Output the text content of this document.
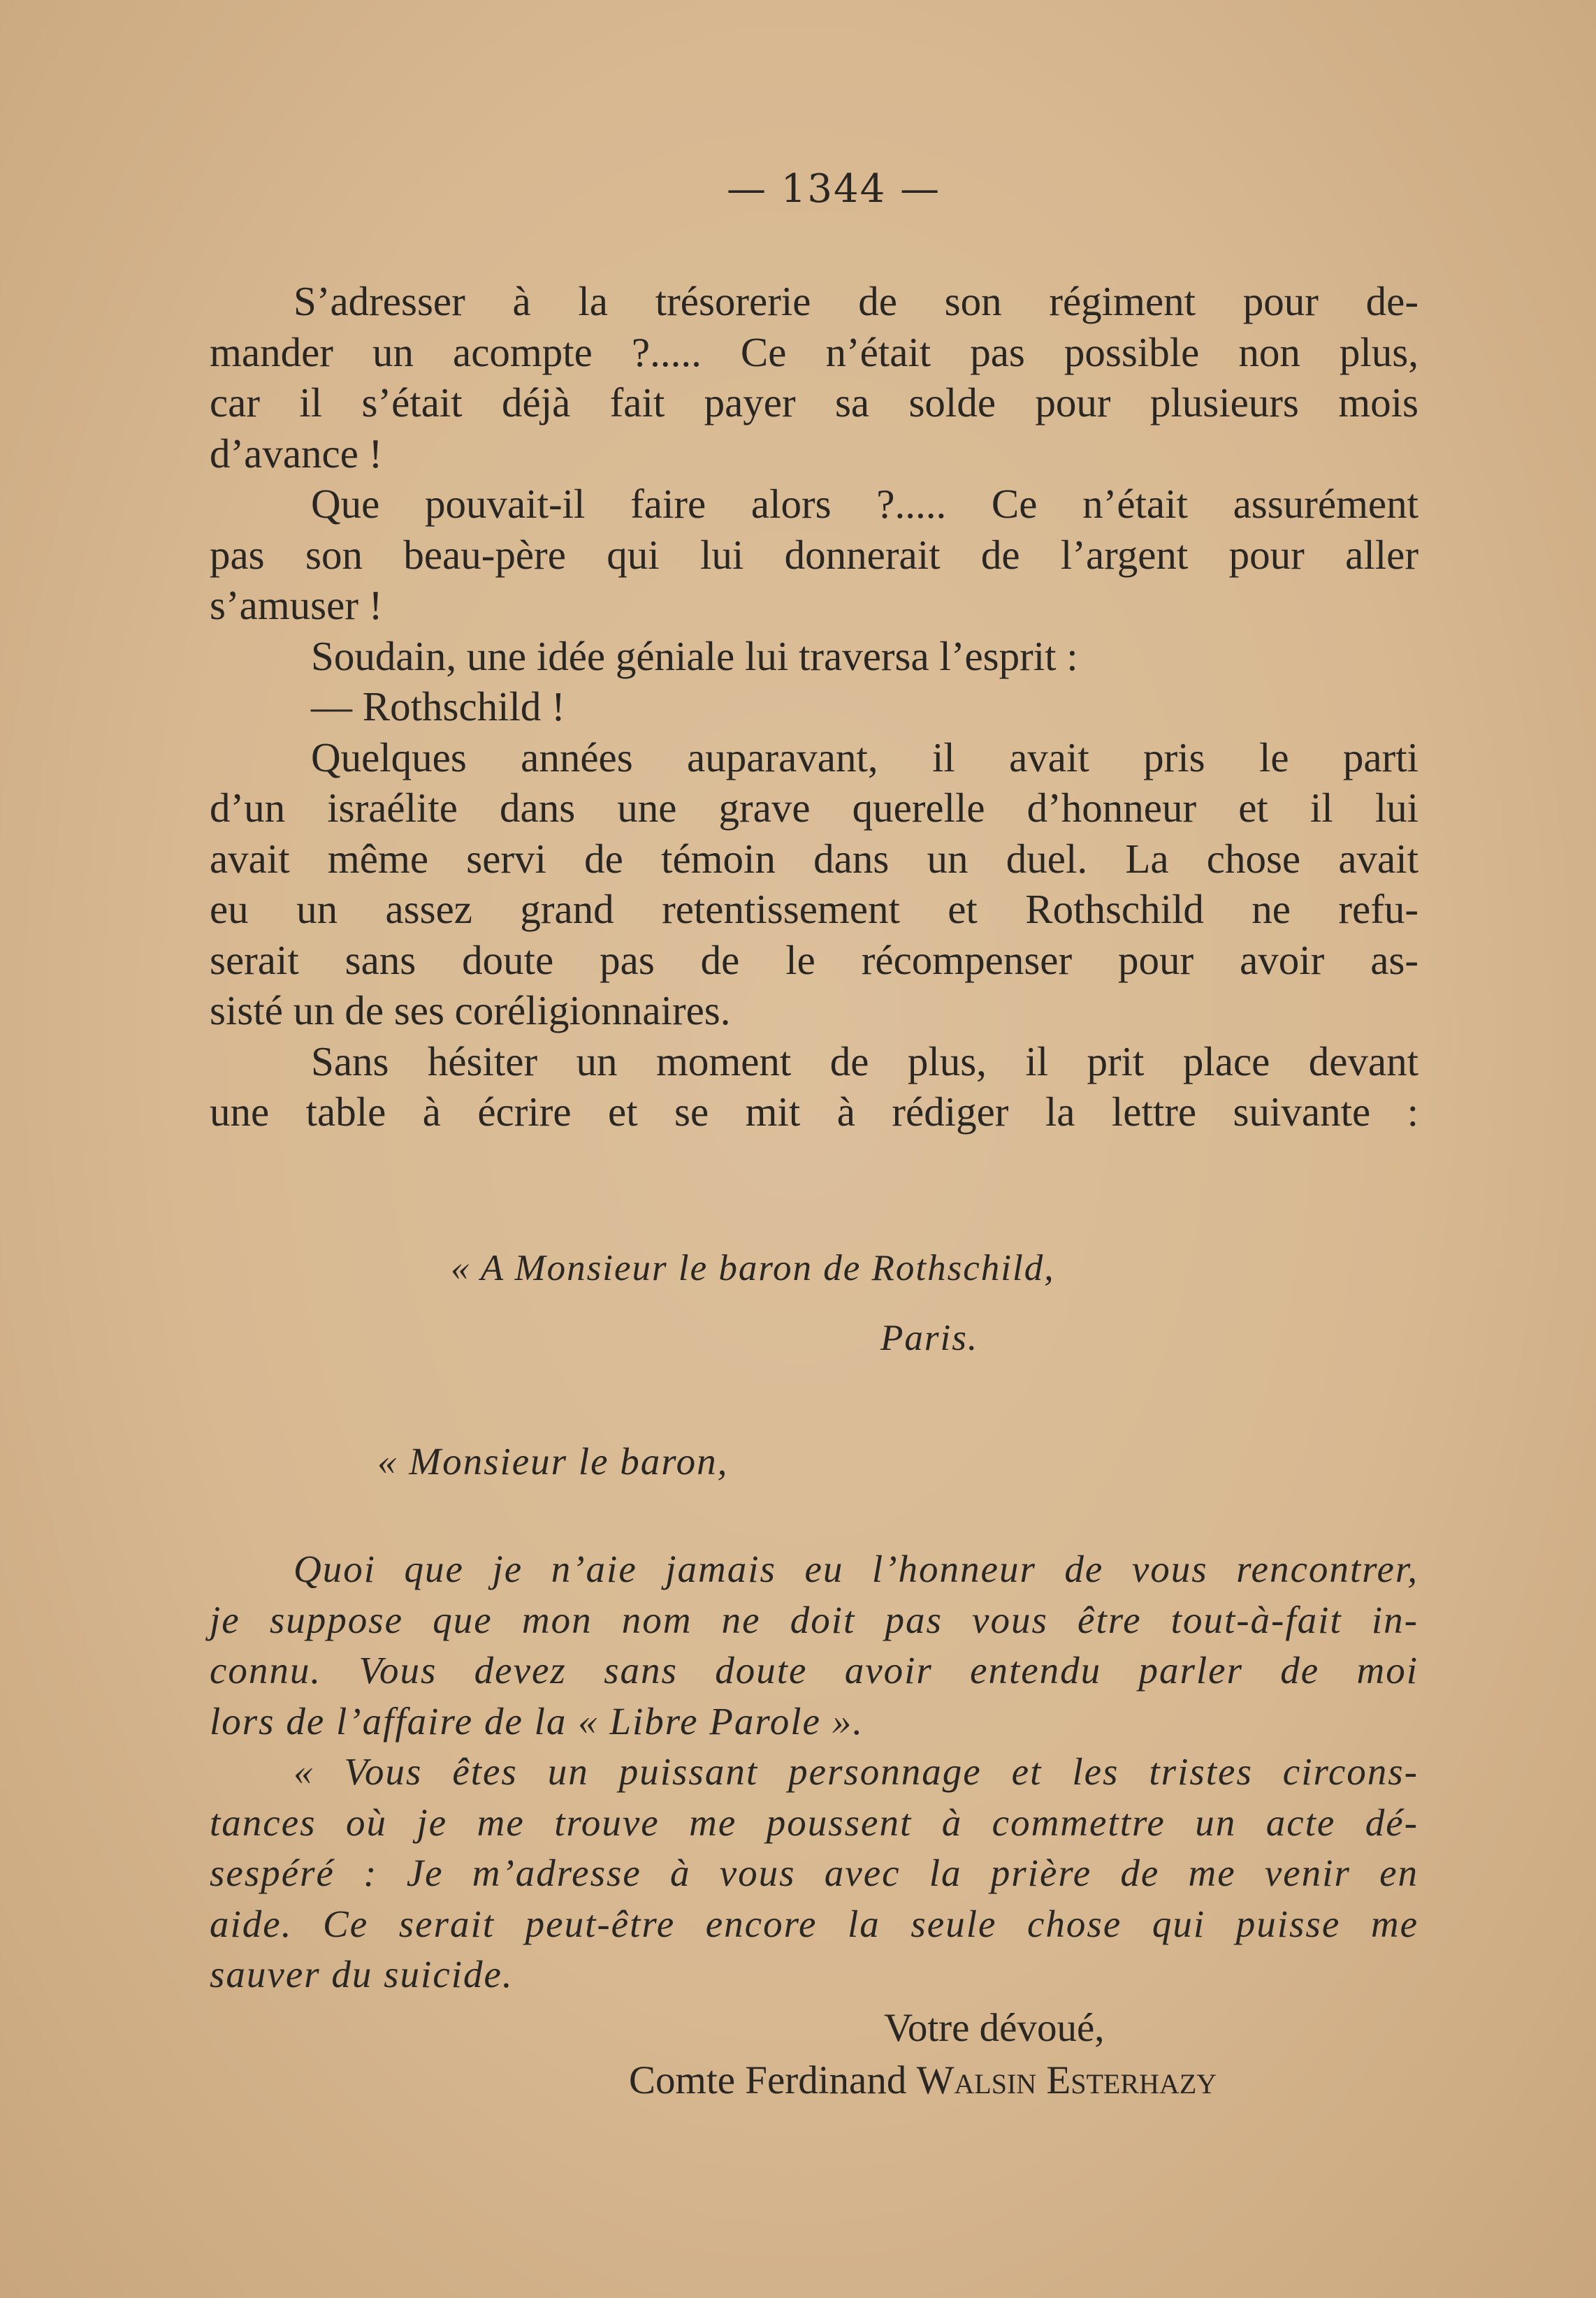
— 1344 —
S’adresser à la trésorerie de son régiment pour de-
mander un acompte ?..... Ce n’était pas possible non plus,
car il s’était déjà fait payer sa solde pour plusieurs mois
d’avance !
Que pouvait-il faire alors ?..... Ce n’était assurément
pas son beau-père qui lui donnerait de l’argent pour aller
s’amuser !
Soudain, une idée géniale lui traversa l’esprit :
— Rothschild !
Quelques années auparavant, il avait pris le parti
d’un israélite dans une grave querelle d’honneur et il lui
avait même servi de témoin dans un duel. La chose avait
eu un assez grand retentissement et Rothschild ne refu-
serait sans doute pas de le récompenser pour avoir as-
sisté un de ses coréligionnaires.
Sans hésiter un moment de plus, il prit place devant
une table à écrire et se mit à rédiger la lettre suivante :
« A Monsieur le baron de Rothschild,
Paris.
« Monsieur le baron,
Quoi que je n’aie jamais eu l’honneur de vous rencontrer,
je suppose que mon nom ne doit pas vous être tout-à-fait in-
connu. Vous devez sans doute avoir entendu parler de moi
lors de l’affaire de la « Libre Parole ».
« Vous êtes un puissant personnage et les tristes circons-
tances où je me trouve me poussent à commettre un acte dé-
sespéré : Je m’adresse à vous avec la prière de me venir en
aide. Ce serait peut-être encore la seule chose qui puisse me
sauver du suicide.
Votre dévoué,
Comte Ferdinand Walsin Esterhazy
